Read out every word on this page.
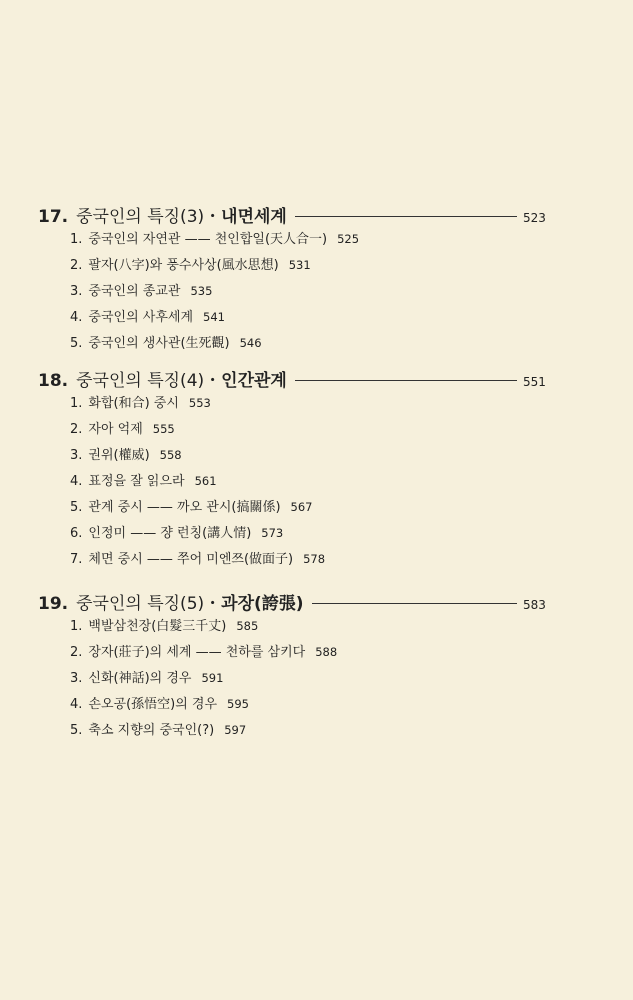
17. 중국인의 특징(3)・내면세계	523
1. 중국인의 자연관 —— 천인합일(天人合一) 525
2. 팔자(八字)와 풍수사상(風水思想) 531
3. 중국인의 종교관 535
4. 중국인의 사후세계 541
5. 중국인의 생사관(生死觀) 546
18. 중국인의 특징(4)・인간관계	551
1. 화합(和合) 중시 553
2. 자아 억제 555
3. 권위(權威) 558
4. 표정을 잘 읽으라 561
5. 관계 중시 —— 까오 관시(搞關係) 567
6. 인정미 —— 쟝 런칭(講人情) 573
7. 체면 중시 —— 쭈어 미엔쯔(做面子) 578
19. 중국인의 특징(5)・과장(誇張)	583
1. 백발삼천장(白髮三千丈) 585
2. 장자(莊子)의 세계 —— 천하를 삼키다 588
3. 신화(神話)의 경우 591
4. 손오공(孫悟空)의 경우 595
5. 축소 지향의 중국인(?) 597
